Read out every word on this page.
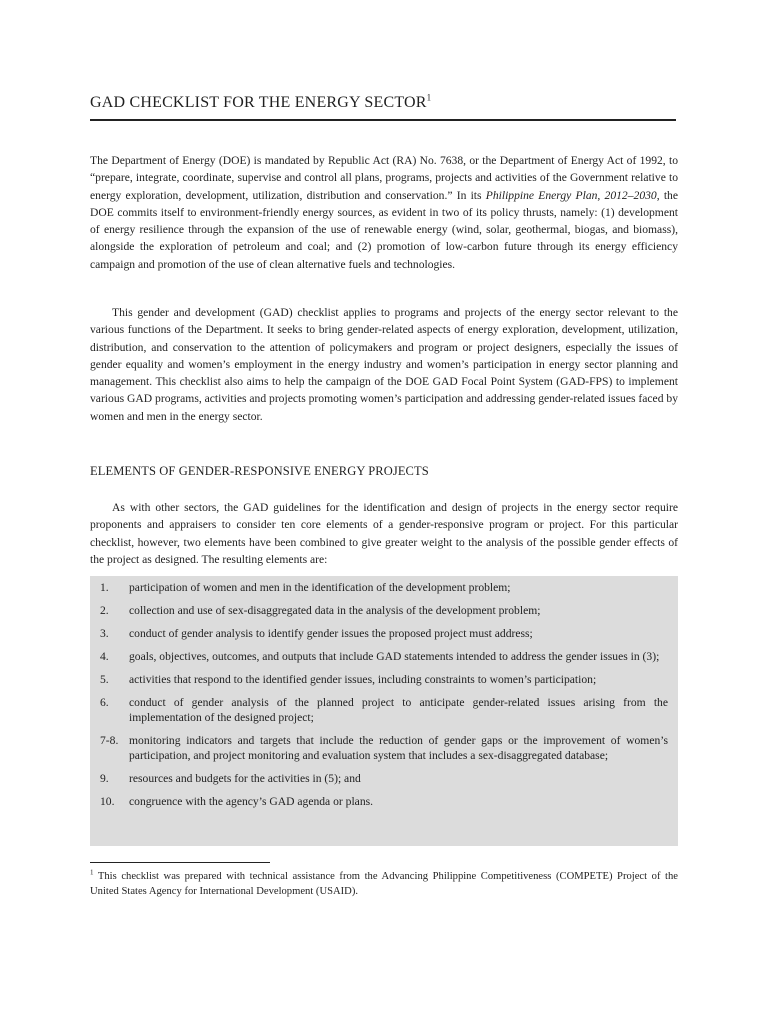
GAD CHECKLIST FOR THE ENERGY SECTOR$^1$

The Department of Energy (DOE) is mandated by Republic Act (RA) No. 7638, or the Department of Energy Act of 1992, to “prepare, integrate, coordinate, supervise and control all plans, programs, projects and activities of the Government relative to energy exploration, development, utilization, distribution and conservation.” In its Philippine Energy Plan, 2012–2030, the DOE commits itself to environment-friendly energy sources, as evident in two of its policy thrusts, namely: (1) development of energy resilience through the expansion of the use of renewable energy (wind, solar, geothermal, biogas, and biomass), alongside the exploration of petroleum and coal; and (2) promotion of low-carbon future through its energy efficiency campaign and promotion of the use of clean alternative fuels and technologies.

This gender and development (GAD) checklist applies to programs and projects of the energy sector relevant to the various functions of the Department. It seeks to bring gender-related aspects of energy exploration, development, utilization, distribution, and conservation to the attention of policymakers and program or project designers, especially the issues of gender equality and women’s employment in the energy industry and women’s participation in energy sector planning and management. This checklist also aims to help the campaign of the DOE GAD Focal Point System (GAD-FPS) to implement various GAD programs, activities and projects promoting women’s participation and addressing gender-related issues faced by women and men in the energy sector.

ELEMENTS OF GENDER-RESPONSIVE ENERGY PROJECTS

As with other sectors, the GAD guidelines for the identification and design of projects in the energy sector require proponents and appraisers to consider ten core elements of a gender-responsive program or project. For this particular checklist, however, two elements have been combined to give greater weight to the analysis of the possible gender effects of the project as designed. The resulting elements are:

1.	participation of women and men in the identification of the development problem;
2.	collection and use of sex-disaggregated data in the analysis of the development problem;
3.	conduct of gender analysis to identify gender issues the proposed project must address;
4.	goals, objectives, outcomes, and outputs that include GAD statements intended to address the gender issues in (3);
5.	activities that respond to the identified gender issues, including constraints to women’s participation;
6.	conduct of gender analysis of the planned project to anticipate gender-related issues arising from the implementation of the designed project;
7-8. monitoring indicators and targets that include the reduction of gender gaps or the improvement of women’s participation, and project monitoring and evaluation system that includes a sex-disaggregated database;
9.	resources and budgets for the activities in (5); and
10.	congruence with the agency’s GAD agenda or plans.

$^1$ This checklist was prepared with technical assistance from the Advancing Philippine Competitiveness (COMPETE) Project of the United States Agency for International Development (USAID).
